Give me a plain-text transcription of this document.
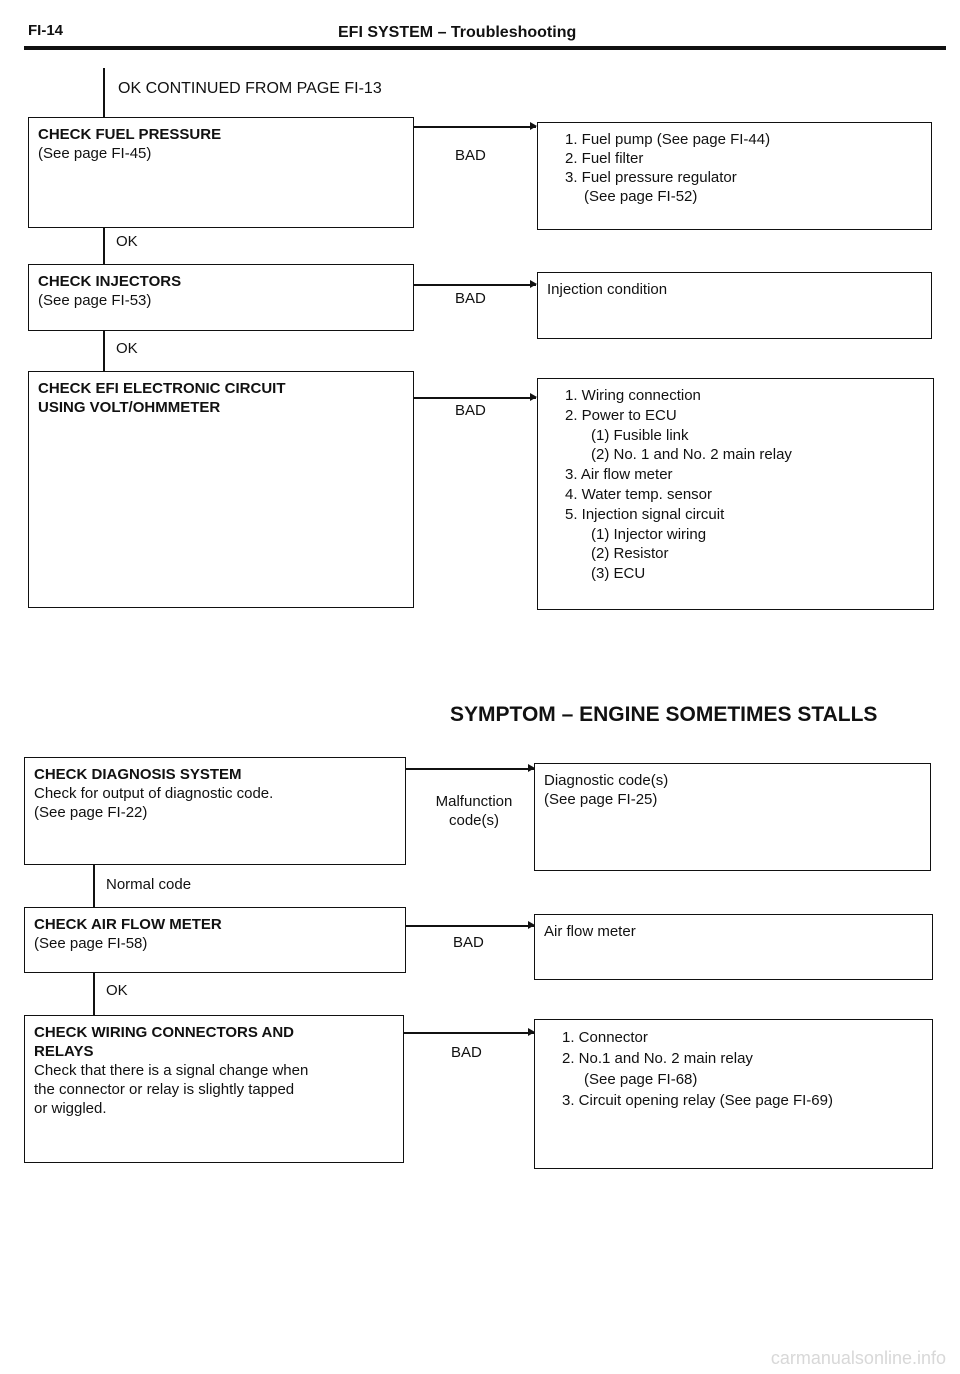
FI-14	EFI SYSTEM – Troubleshooting
OK CONTINUED FROM PAGE FI-13
CHECK FUEL PRESSURE
(See page FI-45)	BAD
1. Fuel pump (See page FI-44)
2. Fuel filter
3. Fuel pressure regulator
(See page FI-52)
OK
CHECK INJECTORS
(See page FI-53)	BAD
Injection condition
OK
CHECK EFI ELECTRONIC CIRCUIT
USING VOLT/OHMMETER	BAD
1. Wiring connection
2. Power to ECU
(1) Fusible link
(2) No. 1 and No. 2 main relay
3. Air flow meter
4. Water temp. sensor
5. Injection signal circuit
(1) Injector wiring
(2) Resistor
(3) ECU
SYMPTOM – ENGINE SOMETIMES STALLS
CHECK DIAGNOSIS SYSTEM
Check for output of diagnostic code.
(See page FI-22)
Malfunction
code(s)
Diagnostic code(s)
(See page FI-25)
Normal code
CHECK AIR FLOW METER
(See page FI-58)	BAD
Air flow meter
OK
CHECK WIRING CONNECTORS AND
RELAYS
Check that there is a signal change when
the connector or relay is slightly tapped
or wiggled.
BAD
1. Connector
2. No.1 and No. 2 main relay
(See page FI-68)
3. Circuit opening relay (See page FI-69)
carmanualsonline.info
